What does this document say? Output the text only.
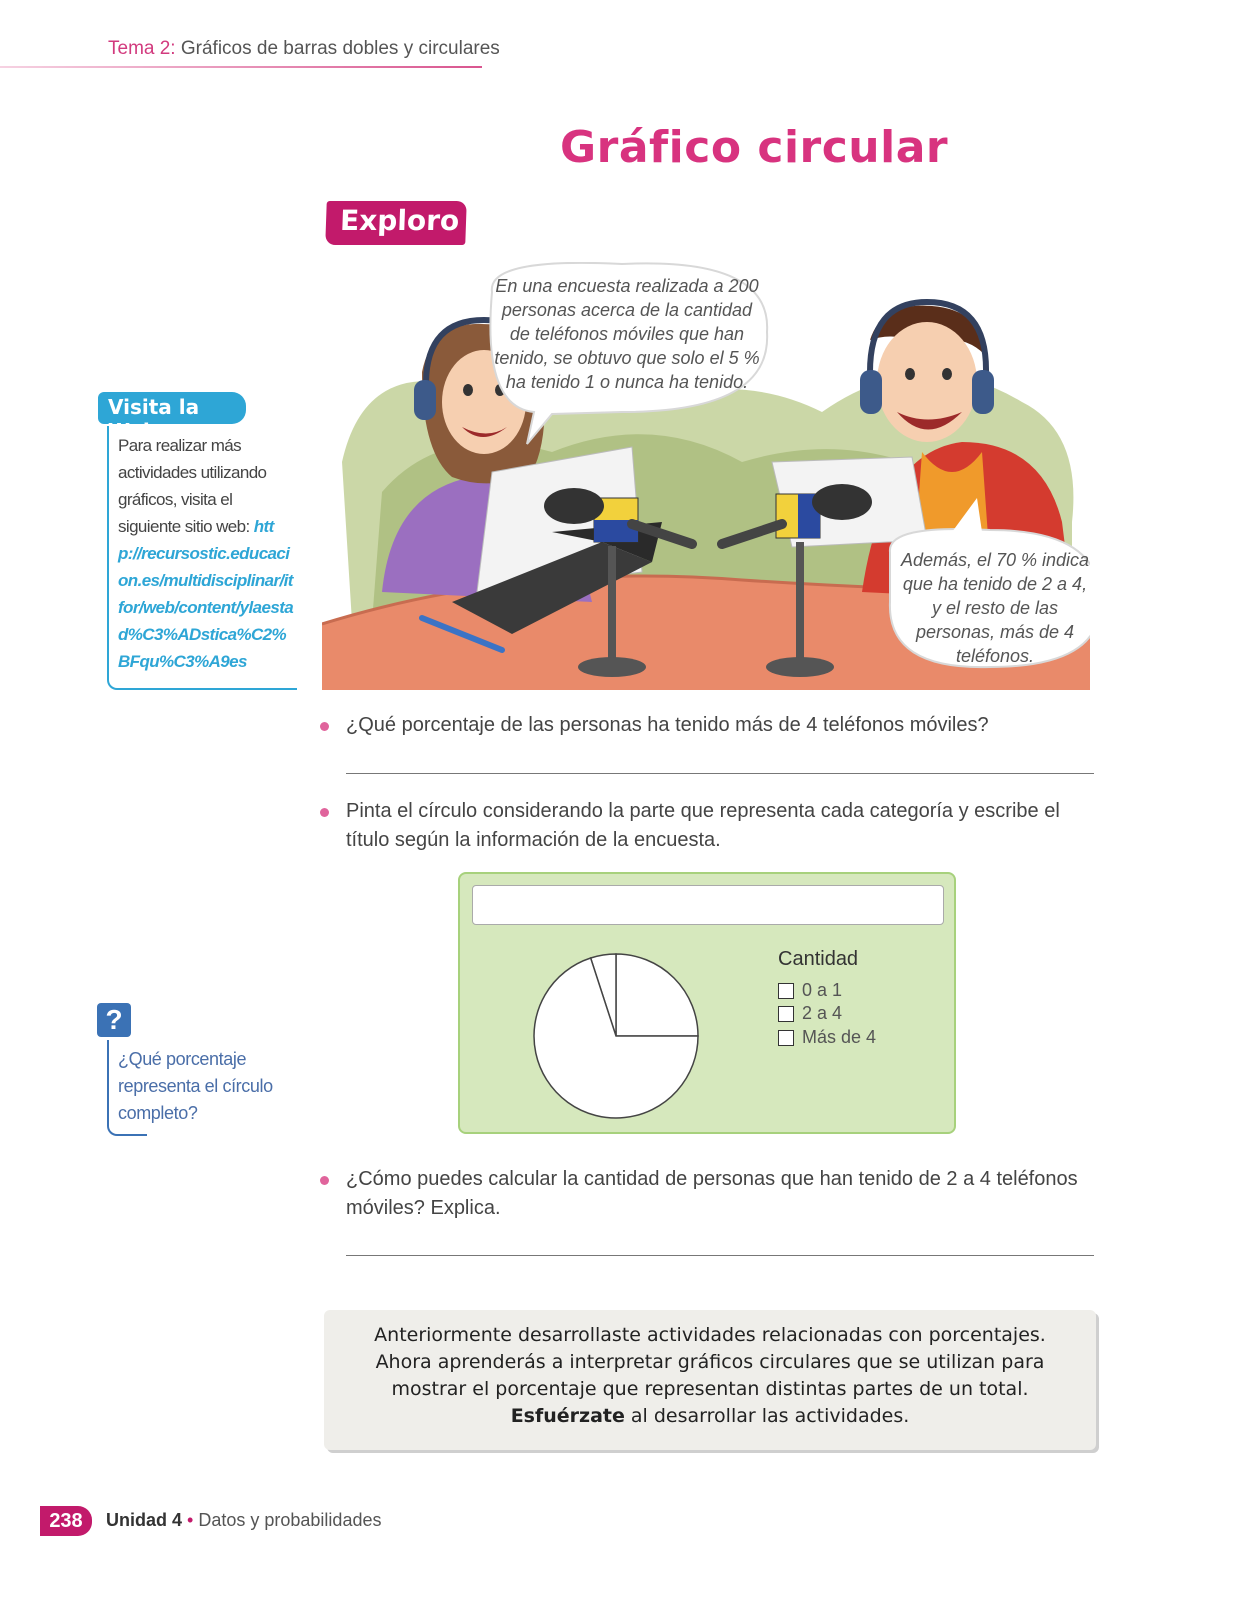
Tema 2: Gráficos de barras dobles y circulares
Gráfico circular
Exploro
Visita la Web
Para realizar más actividades utilizando gráficos, visita el siguiente sitio web: http://recursostic.educacion.es/multidisciplinar/itfor/web/content/ylaestad%C3%ADstica%C2%BFqu%C3%A9es
?
¿Qué porcentaje representa el círculo completo?
En una encuesta realizada a 200 personas acerca de la cantidad de teléfonos móviles que han tenido, se obtuvo que solo el 5 % ha tenido 1 o nunca ha tenido.
Además, el 70 % indica que ha tenido de 2 a 4, y el resto de las personas, más de 4 teléfonos.
¿Qué porcentaje de las personas ha tenido más de 4 teléfonos móviles?
Pinta el círculo considerando la parte que representa cada categoría y escribe el título según la información de la encuesta.
Cantidad
0 a 1
2 a 4
Más de 4
¿Cómo puedes calcular la cantidad de personas que han tenido de 2 a 4 teléfonos móviles? Explica.
Anteriormente desarrollaste actividades relacionadas con porcentajes.
Ahora aprenderás a interpretar gráficos circulares que se utilizan para
mostrar el porcentaje que representan distintas partes de un total.
Esfuérzate al desarrollar las actividades.
238	Unidad 4 • Datos y probabilidades
